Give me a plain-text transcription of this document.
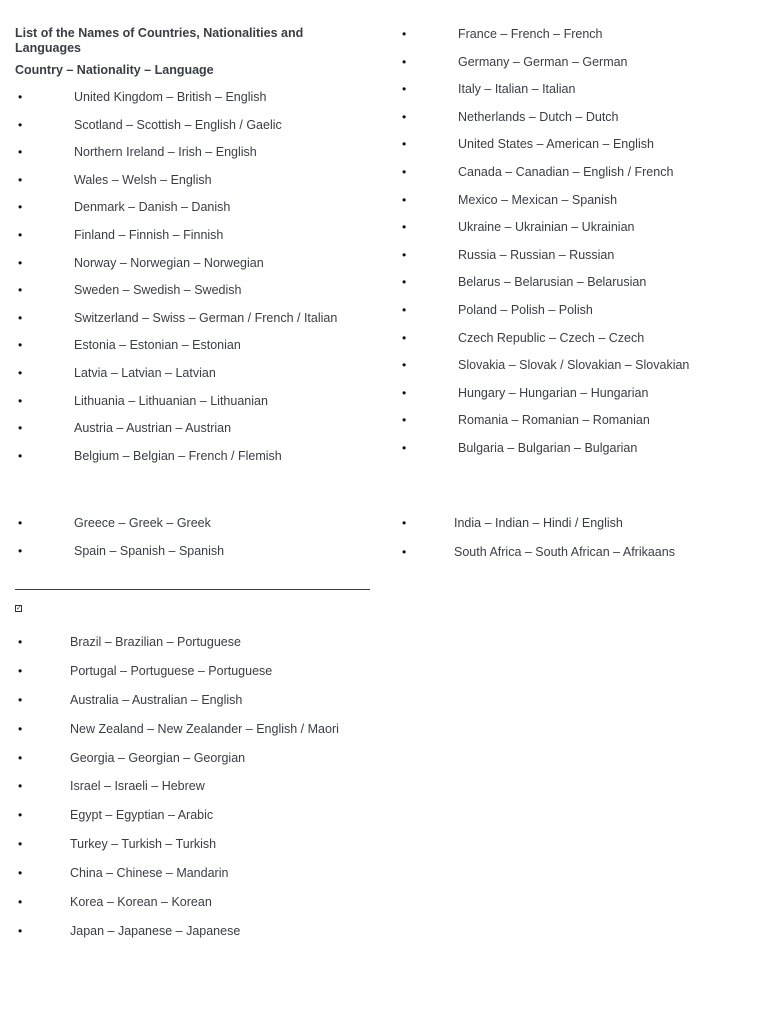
List of the Names of Countries, Nationalities and Languages
Country – Nationality – Language
•	United Kingdom – British – English
•	Scotland – Scottish – English / Gaelic
•	Northern Ireland – Irish – English
•	Wales – Welsh – English
•	Denmark – Danish – Danish
•	Finland – Finnish – Finnish
•	Norway – Norwegian – Norwegian
•	Sweden – Swedish – Swedish
•	Switzerland – Swiss – German / French / Italian
•	Estonia – Estonian – Estonian
•	Latvia – Latvian – Latvian
•	Lithuania – Lithuanian – Lithuanian
•	Austria – Austrian – Austrian
•	Belgium – Belgian – French / Flemish
•	Greece – Greek – Greek
•	Spain – Spanish – Spanish
•	France – French – French
•	Germany – German – German
•	Italy – Italian – Italian
•	Netherlands – Dutch – Dutch
•	United States – American – English
•	Canada – Canadian – English / French
•	Mexico – Mexican – Spanish
•	Ukraine – Ukrainian – Ukrainian
•	Russia – Russian – Russian
•	Belarus – Belarusian – Belarusian
•	Poland – Polish – Polish
•	Czech Republic – Czech – Czech
•	Slovakia – Slovak / Slovakian – Slovakian
•	Hungary – Hungarian – Hungarian
•	Romania – Romanian – Romanian
•	Bulgaria – Bulgarian – Bulgarian
•	India – Indian – Hindi / English
•	South Africa – South African – Afrikaans
✓
•	Brazil – Brazilian – Portuguese
•	Portugal – Portuguese – Portuguese
•	Australia – Australian – English
•	New Zealand – New Zealander – English / Maori
•	Georgia – Georgian – Georgian
•	Israel – Israeli – Hebrew
•	Egypt – Egyptian – Arabic
•	Turkey – Turkish – Turkish
•	China – Chinese – Mandarin
•	Korea – Korean – Korean
•	Japan – Japanese – Japanese
